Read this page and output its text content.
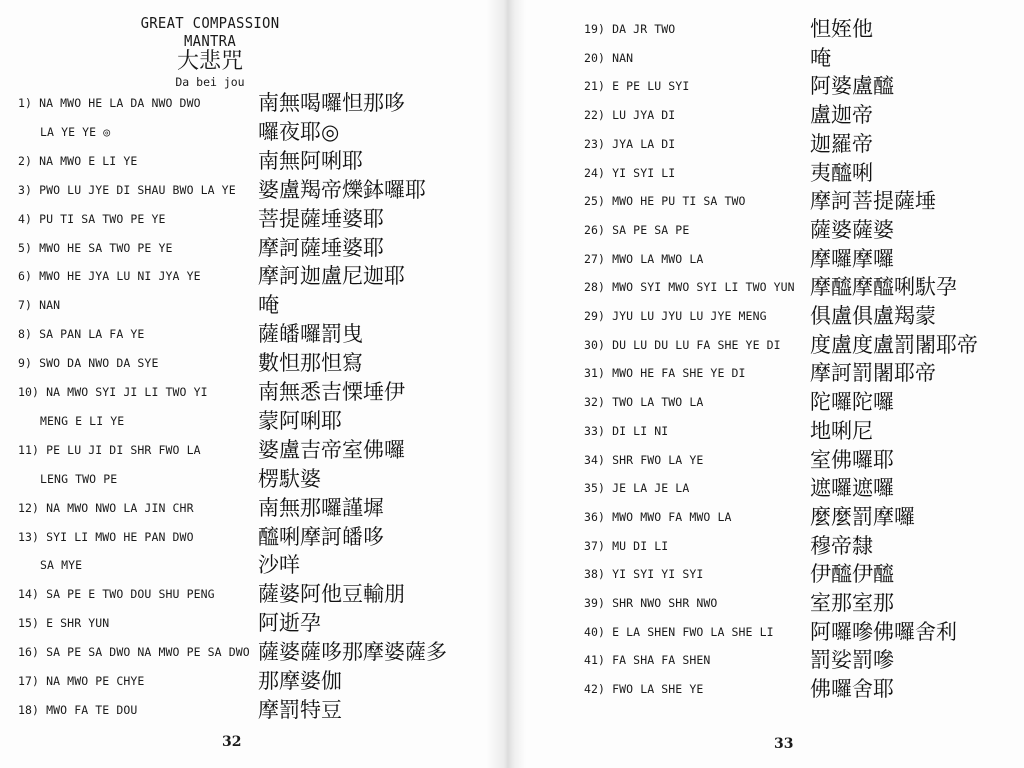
GREAT COMPASSION MANTRA
大悲咒
Da bei jou
1) NA MWO HE LA DA NWO DWO	南無喝囉怛那哆
LA YE YE ◎	囉夜耶◎
2) NA MWO E LI YE	南無阿唎耶
3) PWO LU JYE DI SHAU BWO LA YE 婆盧羯帝爍鉢囉耶
4) PU TI SA TWO PE YE	菩提薩埵婆耶
5) MWO HE SA TWO PE YE	摩訶薩埵婆耶
6) MWO HE JYA LU NI JYA YE	摩訶迦盧尼迦耶
7) NAN	唵
8) SA PAN LA FA YE	薩皤囉罰曳
9) SWO DA NWO DA SYE	數怛那怛寫
10) NA MWO SYI JI LI TWO YI 南無悉吉慄埵伊
MENG E LI YE	蒙阿唎耶
11) PE LU JI DI SHR FWO LA	婆盧吉帝室佛囉
LENG TWO PE	楞馱婆
12) NA MWO NWO LA JIN CHR	南無那囉謹墀
13) SYI LI MWO HE PAN DWO	醯唎摩訶皤哆
SA MYE	沙咩
14) SA PE E TWO DOU SHU PENG 薩婆阿他豆輸朋
15) E SHR YUN	阿逝孕
16) SA PE SA DWO NA MWO PE SA DWO 薩婆薩哆那摩婆薩多
17) NA MWO PE CHYE	那摩婆伽
18) MWO FA TE DOU	摩罰特豆
32
19) DA JR TWO	怛姪他
20) NAN	唵
21) E PE LU SYI	阿婆盧醯
22) LU JYA DI	盧迦帝
23) JYA LA DI	迦羅帝
24) YI SYI LI	夷醯唎
25) MWO HE PU TI SA TWO	摩訶菩提薩埵
26) SA PE SA PE	薩婆薩婆
27) MWO LA MWO LA	摩囉摩囉
28) MWO SYI MWO SYI LI TWO YUN 摩醯摩醯唎馱孕
29) JYU LU JYU LU JYE MENG 俱盧俱盧羯蒙
30) DU LU DU LU FA SHE YE DI 度盧度盧罰闍耶帝
31) MWO HE FA SHE YE DI	摩訶罰闍耶帝
32) TWO LA TWO LA	陀囉陀囉
33) DI LI NI	地唎尼
34) SHR FWO LA YE	室佛囉耶
35) JE LA JE LA	遮囉遮囉
36) MWO MWO FA MWO LA	麼麼罰摩囉
37) MU DI LI	穆帝隸
38) YI SYI YI SYI	伊醯伊醯
39) SHR NWO SHR NWO	室那室那
40) E LA SHEN FWO LA SHE LI 阿囉嘇佛囉舍利
41) FA SHA FA SHEN	罰娑罰嘇
42) FWO LA SHE YE	佛囉舍耶
33
